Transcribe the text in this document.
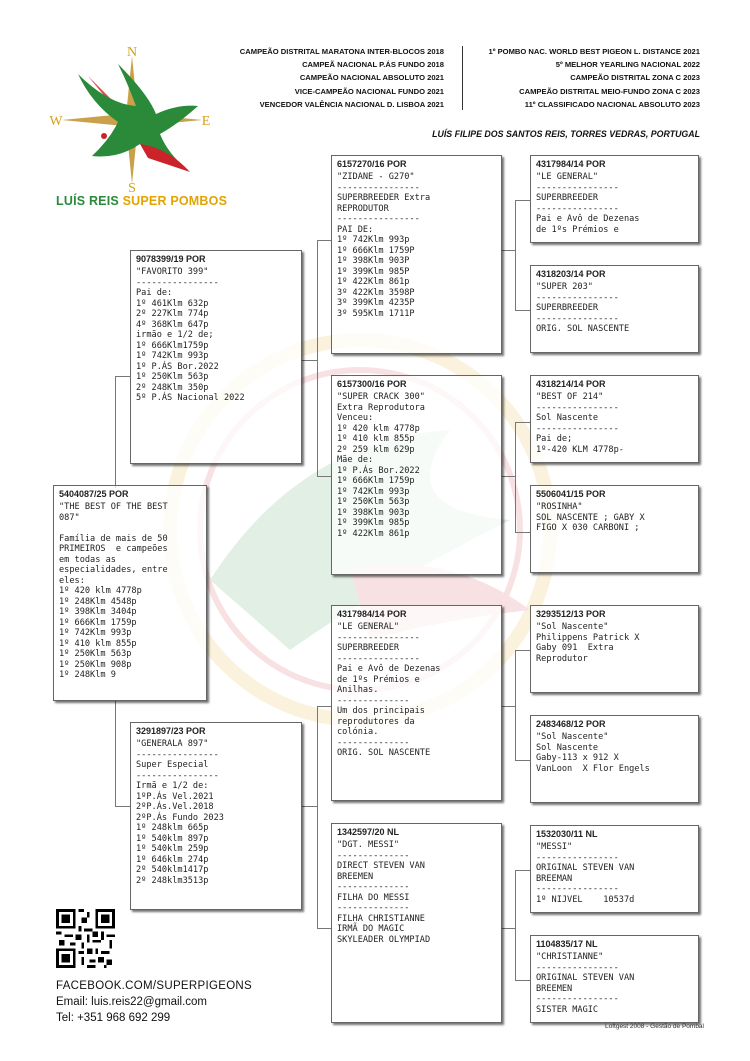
N
S
W	E
LUÍS REIS SUPER POMBOS
CAMPEÃO DISTRITAL MARATONA INTER-BLOCOS 2018
CAMPEÃ NACIONAL P.ÁS FUNDO 2018
CAMPEÃO NACIONAL ABSOLUTO 2021
VICE-CAMPEÃO NACIONAL FUNDO 2021
VENCEDOR VALÊNCIA NACIONAL D. LISBOA 2021
1º POMBO NAC. WORLD BEST PIGEON L. DISTANCE 2021
5º MELHOR YEARLING NACIONAL 2022
CAMPEÃO DISTRITAL ZONA C 2023
CAMPEÃO DISTRITAL MEIO-FUNDO ZONA C 2023
11º CLASSIFICADO NACIONAL ABSOLUTO 2023
LUÍS FILIPE DOS SANTOS REIS, TORRES VEDRAS, PORTUGAL
5404087/25 POR
"THE BEST OF THE BEST
087"

Família de mais de 50
PRIMEIROS  e campeões
em todas as
especialidades, entre
eles:
1º 420 klm 4778p
1º 248Klm 4548p
1º 398Klm 3404p
1º 666Klm 1759p
1º 742Klm 993p
1º 410 klm 855p
1º 250Klm 563p
1º 250Klm 908p
1º 248Klm 9
9078399/19 POR
"FAVORITO 399"
----------------
Pai de:
1º 461Klm 632p
2º 227Klm 774p
4º 368Klm 647p
irmão e 1/2 de;
1º 666Klm1759p
1º 742Klm 993p
1º P.ÁS Bor.2022
1º 250Klm 563p
2º 248Klm 350p
5º P.ÁS Nacional 2022
3291897/23 POR
"GENERALA 897"
----------------
Super Especial
----------------
Irmã e 1/2 de:
1ºP.Ás Vel.2021
2ºP.Ás.Vel.2018
2ºP.Ás Fundo 2023
1º 248klm 665p
1º 540klm 897p
1º 540klm 259p
1º 646klm 274p
2º 540klm1417p
2º 248klm3513p
6157270/16 POR
"ZIDANE - G270"
----------------
SUPERBREEDER Extra
REPRODUTOR
----------------
PAI DE:
1º 742Klm 993p
1º 666Klm 1759P
1º 398Klm 903P
1º 399Klm 985P
1º 422Klm 861p
3º 422Klm 3598P
3º 399Klm 4235P
3º 595Klm 1711P
6157300/16 POR
"SUPER CRACK 300"
Extra Reprodutora
Venceu:
1º 420 klm 4778p
1º 410 klm 855p
2º 259 klm 629p
Mãe de:
1º P.Ás Bor.2022
1º 666Klm 1759p
1º 742Klm 993p
1º 250Klm 563p
1º 398Klm 903p
1º 399Klm 985p
1º 422Klm 861p
4317984/14 POR
"LE GENERAL"
----------------
SUPERBREEDER
----------------
Pai e Avô de Dezenas
de 1ºs Prémios e
Anilhas.
--------------
Um dos principais
reprodutores da
colónia.
--------------
ORIG. SOL NASCENTE
1342597/20 NL
"DGT. MESSI"
--------------
DIRECT STEVEN VAN
BREEMEN
--------------
FILHA DO MESSI
--------------
FILHA CHRISTIANNE
IRMÃ DO MAGIC
SKYLEADER OLYMPIAD
4317984/14 POR
"LE GENERAL"
----------------
SUPERBREEDER
----------------
Pai e Avô de Dezenas
de 1ºs Prémios e
4318203/14 POR
"SUPER 203"
----------------
SUPERBREEDER
----------------
ORIG. SOL NASCENTE
4318214/14 POR
"BEST OF 214"
----------------
Sol Nascente
----------------
Pai de;
1º-420 KLM 4778p-
5506041/15 POR
"ROSINHA"
SOL NASCENTE ; GABY X
FIGO X 030 CARBONI ;
3293512/13 POR
"Sol Nascente"
Philippens Patrick X
Gaby 091  Extra
Reprodutor
2483468/12 POR
"Sol Nascente"
Sol Nascente
Gaby-113 x 912 X
VanLoon  X Flor Engels
1532030/11 NL
"MESSI"
----------------
ORIGINAL STEVEN VAN
BREEMAN
----------------
1º NIJVEL    10537d
1104835/17 NL
"CHRISTIANNE"
----------------
ORIGINAL STEVEN VAN
BREEMEN
----------------
SISTER MAGIC
FACEBOOK.COM/SUPERPIGEONS
Email: luis.reis22@gmail.com
Tel: +351 968 692 299
Loftgest 2008 - Gestão de Pombal
